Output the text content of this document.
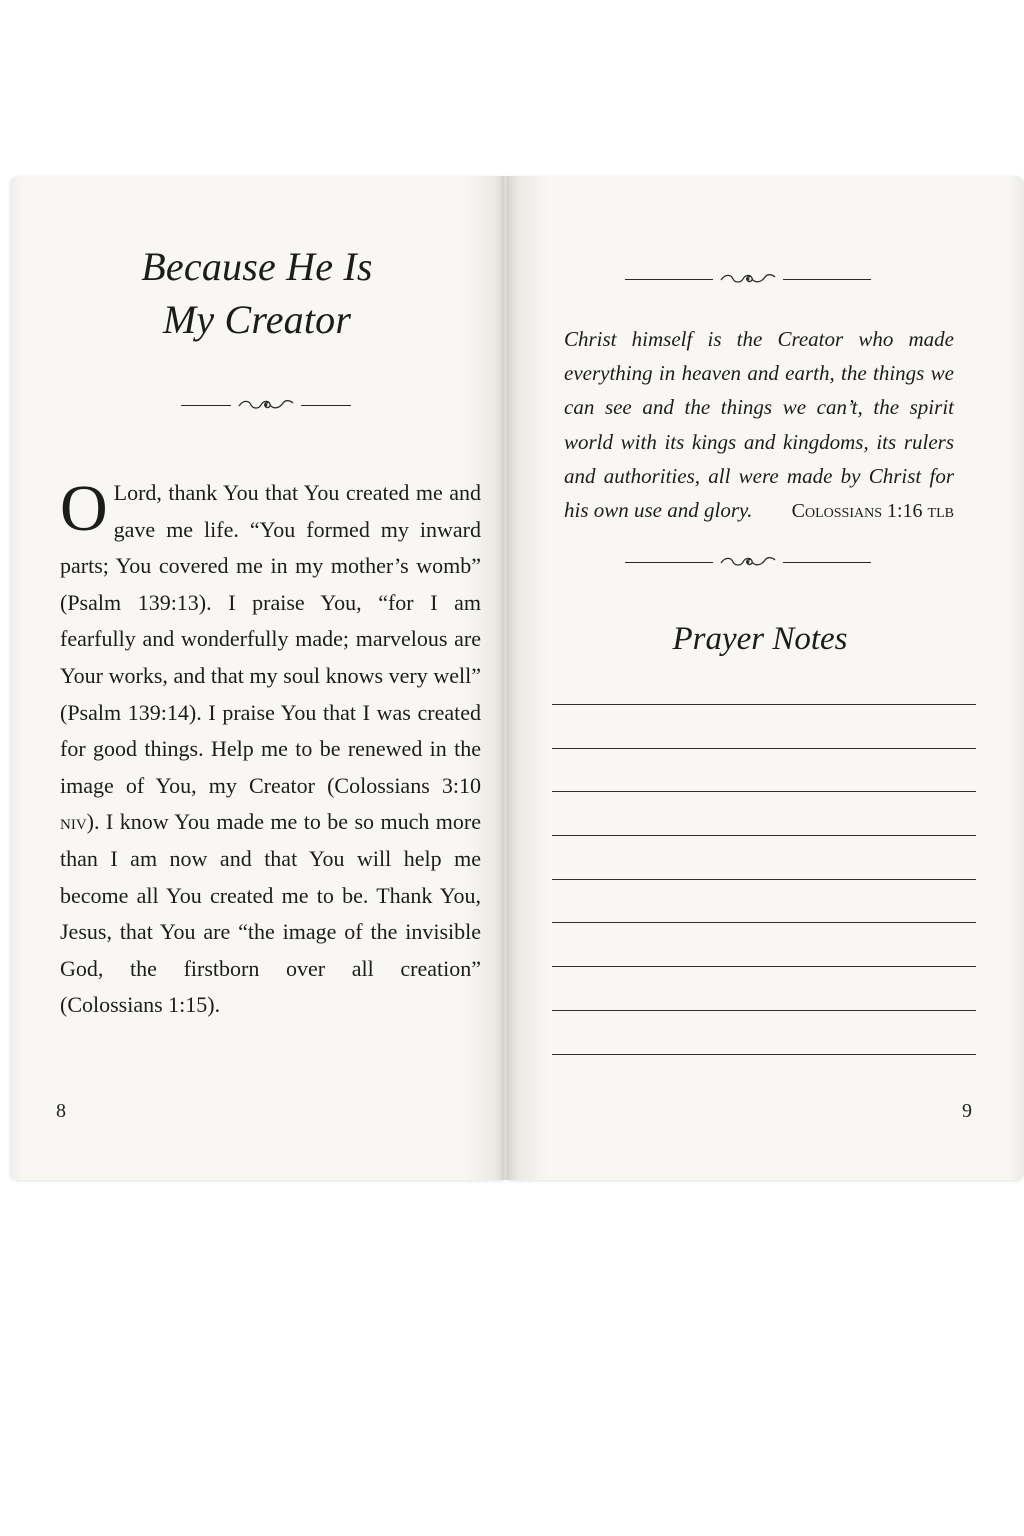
Because He Is
My Creator
O Lord, thank You that You created me and gave me life. “You formed my inward parts; You covered me in my mother’s womb” (Psalm 139:13). I praise You, “for I am fearfully and wonderfully made; marvelous are Your works, and that my soul knows very well” (Psalm 139:14). I praise You that I was created for good things. Help me to be renewed in the image of You, my Creator (Colossians 3:10 niv). I know You made me to be so much more than I am now and that You will help me become all You created me to be. Thank You, Jesus, that You are “the image of the invisible God, the firstborn over all creation” (Colossians 1:15).
8
Christ himself is the Creator who made everything in heaven and earth, the things we can see and the things we can’t, the spirit world with its kings and kingdoms, its rulers and authorities, all were made by Christ for his own use and glory.	Colossians 1:16 tlb
Prayer Notes
9
